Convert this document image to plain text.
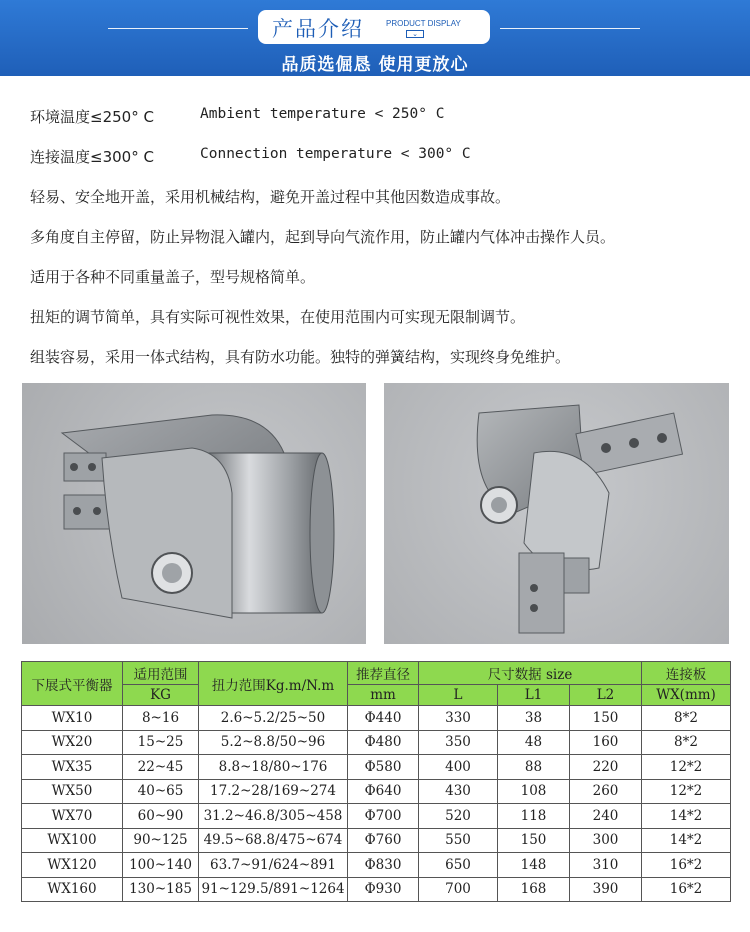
产品介绍	PRODUCT DISPLAY
⌄
品质选倔恳 使用更放心
环境温度≤250° C	Ambient temperature < 250° C
连接温度≤300° C	Connection temperature < 300° C
轻易、安全地开盖，采用机械结构，避免开盖过程中其他因数造成事故。
多角度自主停留，防止异物混入罐内，起到导向气流作用，防止罐内气体冲击操作人员。
适用于各种不同重量盖子，型号规格简单。
扭矩的调节简单，具有实际可视性效果，在使用范围内可实现无限制调节。
组装容易，采用一体式结构，具有防水功能。独特的弹簧结构，实现终身免维护。
下展式平衡器	适用范围	扭力范围Kg.m/N.m	推荐直径	尺寸数据 size			连接板
	KG		mm	L	L1	L2	WX(mm)
WX10	8~16	2.6~5.2/25~50	Φ440	330	38	150	8*2
WX20	15~25	5.2~8.8/50~96	Φ480	350	48	160	8*2
WX35	22~45	8.8~18/80~176	Φ580	400	88	220	12*2
WX50	40~65	17.2~28/169~274	Φ640	430	108	260	12*2
WX70	60~90	31.2~46.8/305~458	Φ700	520	118	240	14*2
WX100	90~125	49.5~68.8/475~674	Φ760	550	150	300	14*2
WX120	100~140	63.7~91/624~891	Φ830	650	148	310	16*2
WX160	130~185	91~129.5/891~1264	Φ930	700	168	390	16*2
